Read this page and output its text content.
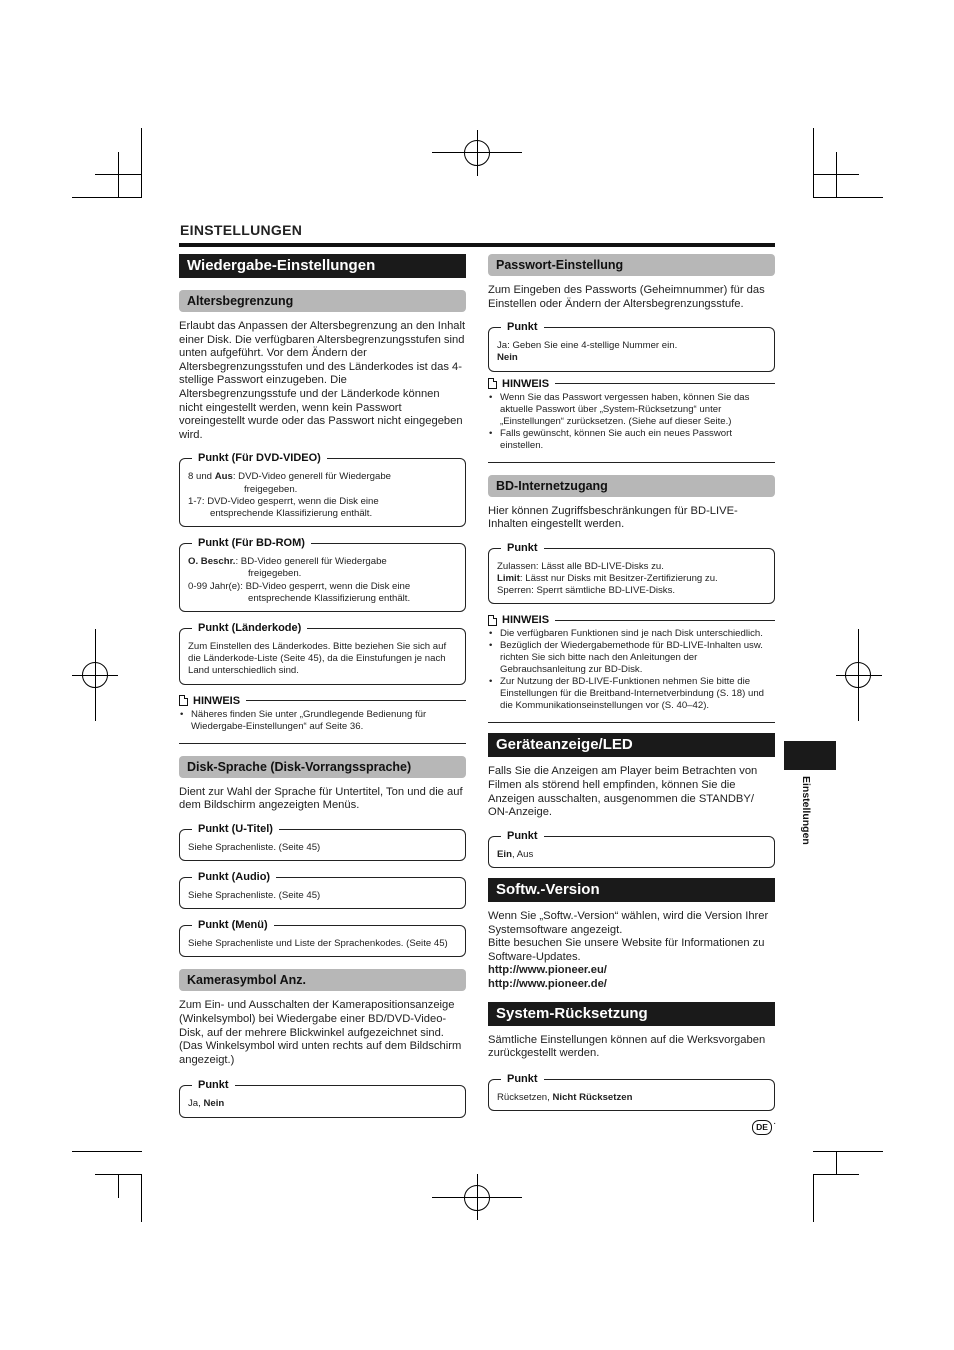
EINSTELLUNGEN
Wiedergabe-Einstellungen
Altersbegrenzung

Erlaubt das Anpassen der Altersbegrenzung an den Inhalt einer Disk. Die verfügbaren Altersbegrenzungsstufen sind unten aufgeführt. Vor dem Ändern der Altersbegrenzungsstufen und des Länderkodes ist das 4-stellige Passwort einzugeben. Die Altersbegrenzungsstufe und der Länderkode können nicht eingestellt werden, wenn kein Passwort voreingestellt wurde oder das Passwort nicht eingegeben wird.

Punkt (Für DVD-VIDEO)
8 und Aus: DVD-Video generell für Wiedergabe
freigegeben.
1-7: DVD-Video gesperrt, wenn die Disk eine
entsprechende Klassifizierung enthält.
Punkt (Für BD-ROM)
O. Beschr.: BD-Video generell für Wiedergabe
freigegeben.
0-99 Jahr(e): BD-Video gesperrt, wenn die Disk eine
entsprechende Klassifizierung enthält.
Punkt (Länderkode)
Zum Einstellen des Länderkodes. Bitte beziehen Sie sich auf die Länderkode-Liste (Seite 45), da die Einstufungen je nach Land unterschiedlich sind.
HINWEIS
• Näheres finden Sie unter „Grundlegende Bedienung für Wiedergabe-Einstellungen“ auf Seite 36.
Disk-Sprache (Disk-Vorrangssprache)

Dient zur Wahl der Sprache für Untertitel, Ton und die auf dem Bildschirm angezeigten Menüs.

Punkt (U-Titel)
Siehe Sprachenliste. (Seite 45)
Punkt (Audio)
Siehe Sprachenliste. (Seite 45)
Punkt (Menü)
Siehe Sprachenliste und Liste der Sprachenkodes. (Seite 45)
Kamerasymbol Anz.

Zum Ein- und Ausschalten der Kamerapositionsanzeige (Winkelsymbol) bei Wiedergabe einer BD/DVD-Video-Disk, auf der mehrere Blickwinkel aufgezeichnet sind. (Das Winkelsymbol wird unten rechts auf dem Bildschirm angezeigt.)

Punkt
Ja, Nein
Passwort-Einstellung

Zum Eingeben des Passworts (Geheimnummer) für das Einstellen oder Ändern der Altersbegrenzungsstufe.

Punkt
Ja: Geben Sie eine 4-stellige Nummer ein.
Nein
HINWEIS
• Wenn Sie das Passwort vergessen haben, können Sie das aktuelle Passwort über „System-Rücksetzung“ unter „Einstellungen“ zurücksetzen. (Siehe auf dieser Seite.)
• Falls gewünscht, können Sie auch ein neues Passwort einstellen.
BD-Internetzugang

Hier können Zugriffsbeschränkungen für BD-LIVE-Inhalten eingestellt werden.

Punkt
Zulassen: Lässt alle BD-LIVE-Disks zu.
Limit: Lässt nur Disks mit Besitzer-Zertifizierung zu.
Sperren: Sperrt sämtliche BD-LIVE-Disks.
HINWEIS
• Die verfügbaren Funktionen sind je nach Disk unterschiedlich.
• Bezüglich der Wiedergabemethode für BD-LIVE-Inhalten usw. richten Sie sich bitte nach den Anleitungen der Gebrauchsanleitung zur BD-Disk.
• Zur Nutzung der BD-LIVE-Funktionen nehmen Sie bitte die Einstellungen für die Breitband-Internetverbindung (S. 18) und die Kommunikationseinstellungen vor (S. 40–42).
Geräteanzeige/LED

Falls Sie die Anzeigen am Player beim Betrachten von Filmen als störend hell empfinden, können Sie die Anzeigen ausschalten, ausgenommen die STANDBY/ ON-Anzeige.

Punkt
Ein, Aus
Softw.-Version

Wenn Sie „Softw.-Version“ wählen, wird die Version Ihrer Systemsoftware angezeigt.
Bitte besuchen Sie unsere Website für Informationen zu Software-Updates.

http://www.pioneer.eu/
http://www.pioneer.de/
System-Rücksetzung

Sämtliche Einstellungen können auf die Werksvorgaben zurückgestellt werden.

Punkt
Rücksetzen, Nicht Rücksetzen
Einstellungen
DE ·
